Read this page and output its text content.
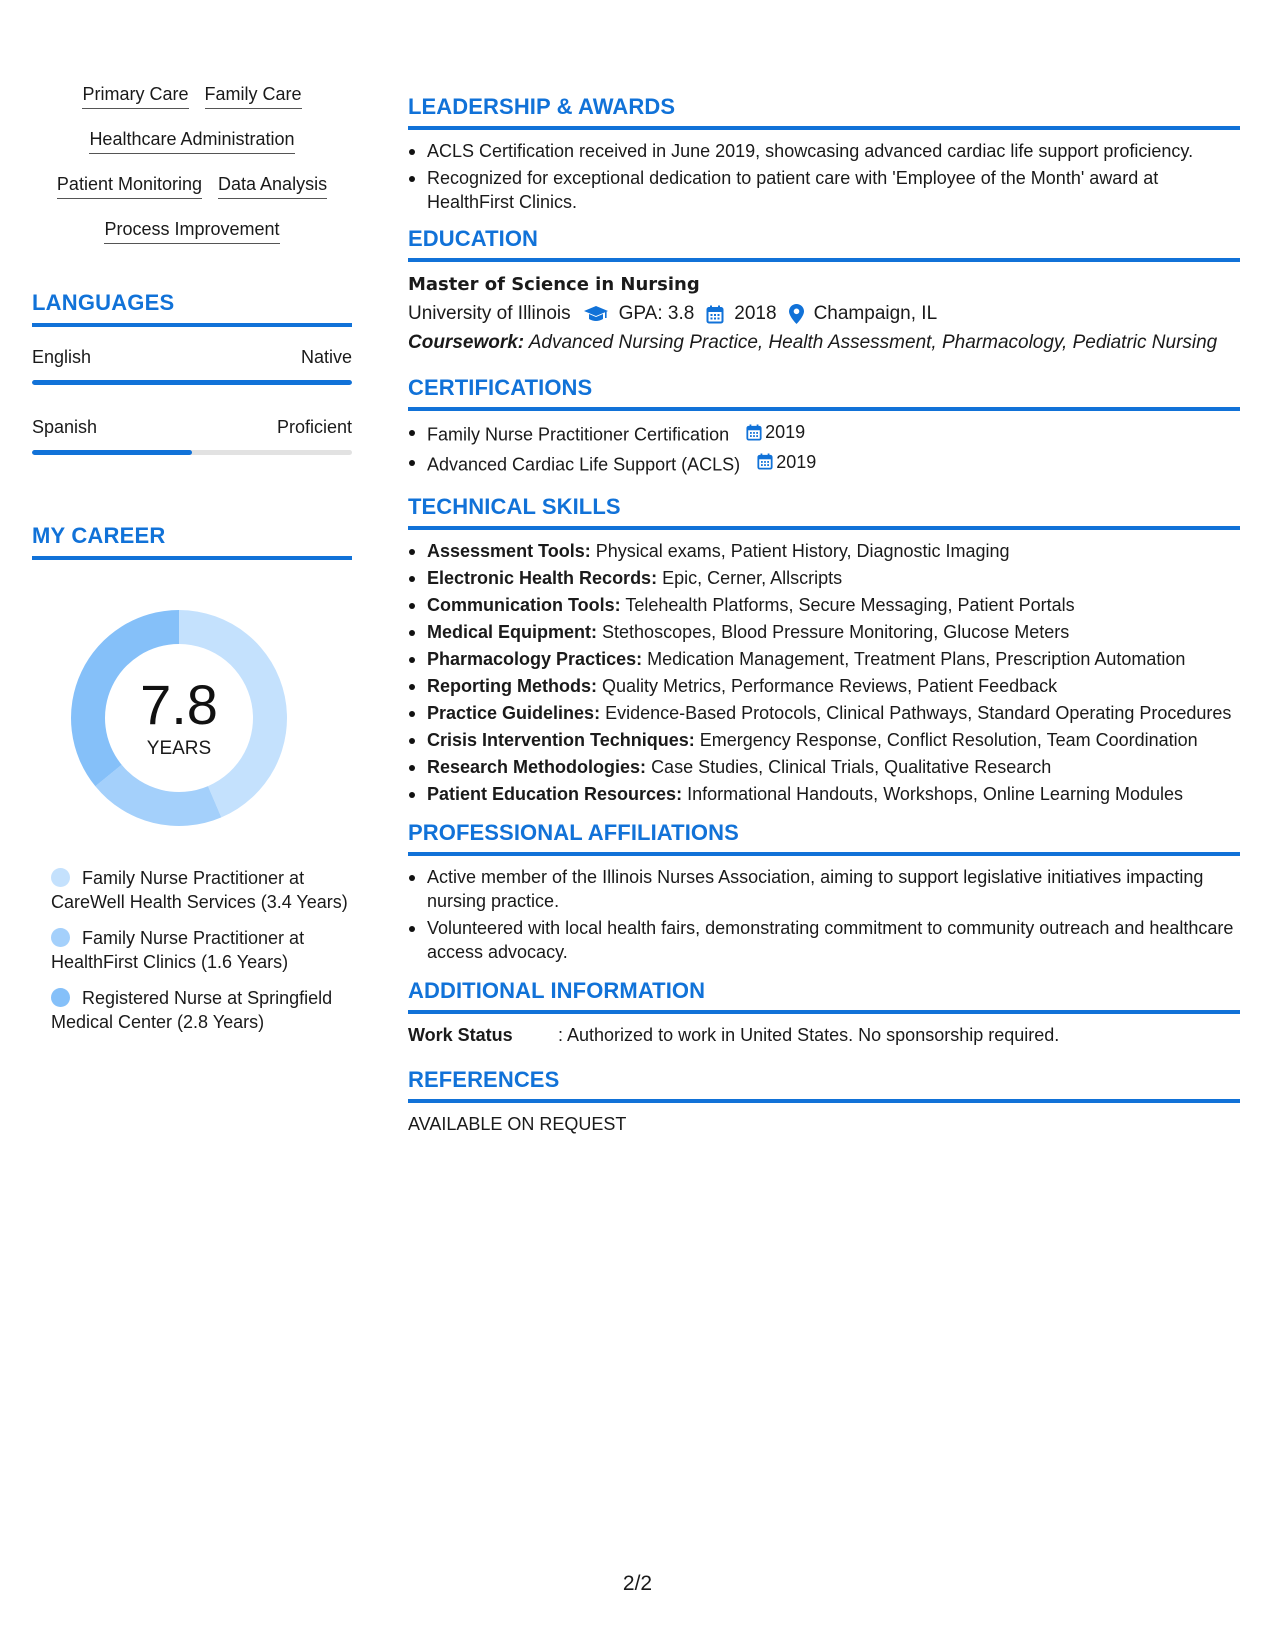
Primary Care Family Care
Healthcare Administration
Patient Monitoring Data Analysis
Process Improvement
LANGUAGES
English	Native
Spanish	Proficient
MY CAREER
7.8
YEARS
Family Nurse Practitioner at CareWell Health Services (3.4 Years)
Family Nurse Practitioner at HealthFirst Clinics (1.6 Years)
Registered Nurse at Springfield Medical Center (2.8 Years)
LEADERSHIP & AWARDS
ACLS Certification received in June 2019, showcasing advanced cardiac life support proficiency.
Recognized for exceptional dedication to patient care with 'Employee of the Month' award at HealthFirst Clinics.
EDUCATION
Master of Science in Nursing
University of Illinois	GPA: 3.8 2018 Champaign, IL
Coursework: Advanced Nursing Practice, Health Assessment, Pharmacology, Pediatric Nursing
CERTIFICATIONS
Family Nurse Practitioner Certification 2019
Advanced Cardiac Life Support (ACLS) 2019
TECHNICAL SKILLS
Assessment Tools: Physical exams, Patient History, Diagnostic Imaging
Electronic Health Records: Epic, Cerner, Allscripts
Communication Tools: Telehealth Platforms, Secure Messaging, Patient Portals
Medical Equipment: Stethoscopes, Blood Pressure Monitoring, Glucose Meters
Pharmacology Practices: Medication Management, Treatment Plans, Prescription Automation
Reporting Methods: Quality Metrics, Performance Reviews, Patient Feedback
Practice Guidelines: Evidence-Based Protocols, Clinical Pathways, Standard Operating Procedures
Crisis Intervention Techniques: Emergency Response, Conflict Resolution, Team Coordination
Research Methodologies: Case Studies, Clinical Trials, Qualitative Research
Patient Education Resources: Informational Handouts, Workshops, Online Learning Modules
PROFESSIONAL AFFILIATIONS
Active member of the Illinois Nurses Association, aiming to support legislative initiatives impacting nursing practice.
Volunteered with local health fairs, demonstrating commitment to community outreach and healthcare access advocacy.
ADDITIONAL INFORMATION
Work Status	: Authorized to work in United States. No sponsorship required.
REFERENCES
AVAILABLE ON REQUEST
2/2
